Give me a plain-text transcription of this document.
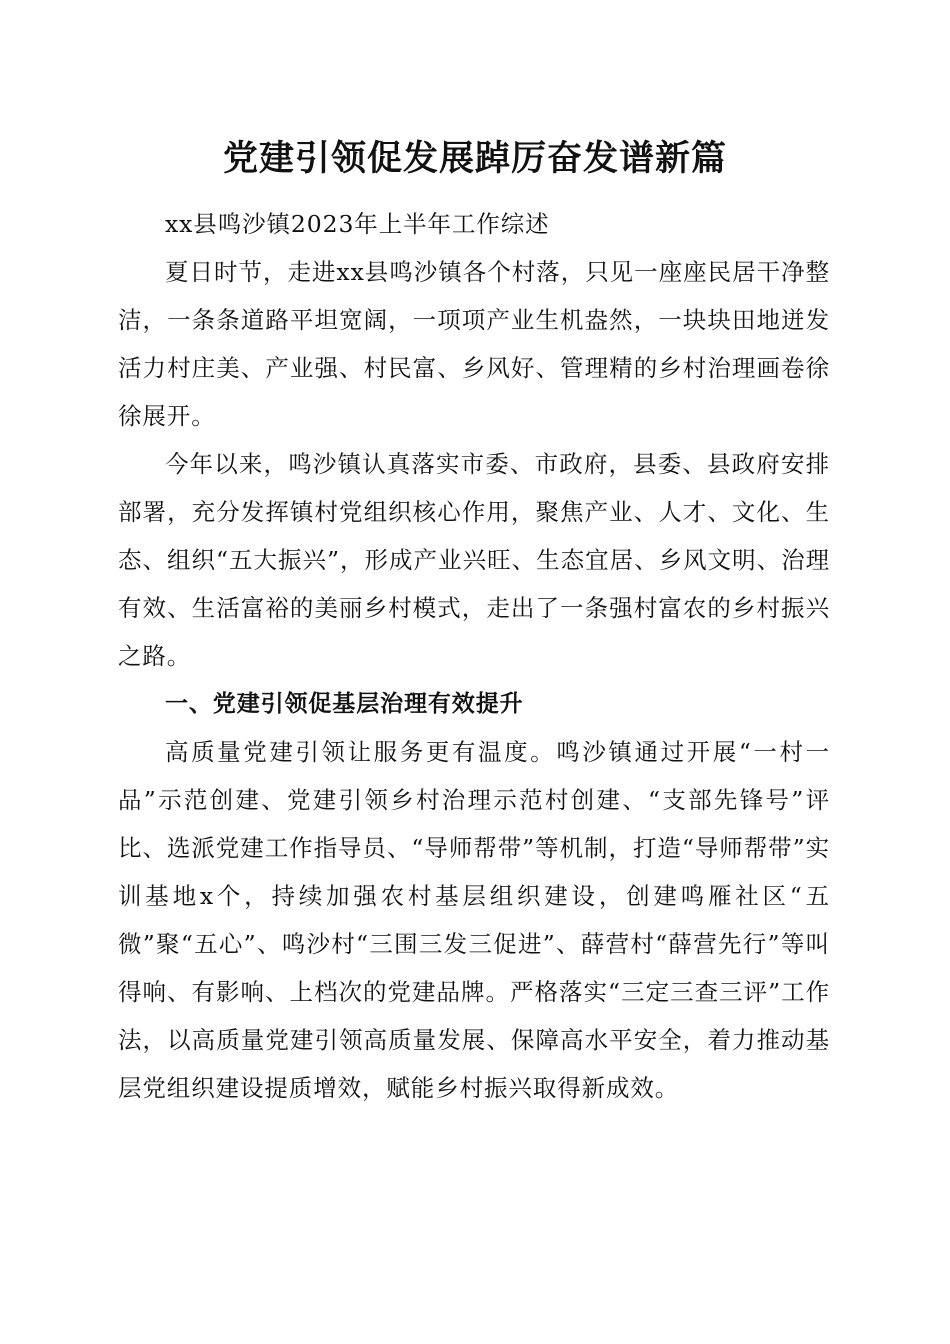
党建引领促发展踔厉奋发谱新篇

xx县鸣沙镇2023年上半年工作综述

夏日时节，走进xx县鸣沙镇各个村落，只见一座座民居干净整洁，一条条道路平坦宽阔，一项项产业生机盎然，一块块田地迸发活力村庄美、产业强、村民富、乡风好、管理精的乡村治理画卷徐徐展开。

今年以来，鸣沙镇认真落实市委、市政府，县委、县政府安排部署，充分发挥镇村党组织核心作用，聚焦产业、人才、文化、生态、组织“五大振兴”，形成产业兴旺、生态宜居、乡风文明、治理有效、生活富裕的美丽乡村模式，走出了一条强村富农的乡村振兴之路。

一、党建引领促基层治理有效提升

高质量党建引领让服务更有温度。鸣沙镇通过开展“一村一品”示范创建、党建引领乡村治理示范村创建、“支部先锋号”评比、选派党建工作指导员、“导师帮带”等机制，打造“导师帮带”实训基地x个，持续加强农村基层组织建设，创建鸣雁社区“五微”聚“五心”、鸣沙村“三围三发三促进”、薛营村“薛营先行”等叫得响、有影响、上档次的党建品牌。严格落实“三定三查三评”工作法，以高质量党建引领高质量发展、保障高水平安全，着力推动基层党组织建设提质增效，赋能乡村振兴取得新成效。
